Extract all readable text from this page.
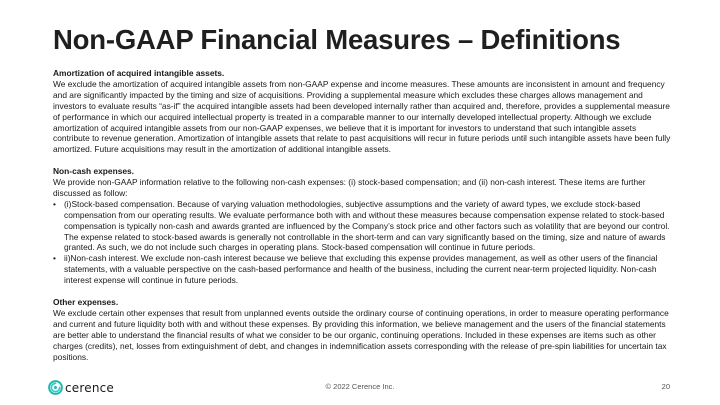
Non-GAAP Financial Measures – Definitions

Amortization of acquired intangible assets.

We exclude the amortization of acquired intangible assets from non-GAAP expense and income measures. These amounts are inconsistent in amount and frequency and are significantly impacted by the timing and size of acquisitions. Providing a supplemental measure which excludes these charges allows management and investors to evaluate results “as-if” the acquired intangible assets had been developed internally rather than acquired and, therefore, provides a supplemental measure of performance in which our acquired intellectual property is treated in a comparable manner to our internally developed intellectual property. Although we exclude amortization of acquired intangible assets from our non-GAAP expenses, we believe that it is important for investors to understand that such intangible assets contribute to revenue generation. Amortization of intangible assets that relate to past acquisitions will recur in future periods until such intangible assets have been fully amortized. Future acquisitions may result in the amortization of additional intangible assets.

Non-cash expenses.

We provide non-GAAP information relative to the following non-cash expenses: (i) stock-based compensation; and (ii) non-cash interest. These items are further discussed as follow:

• (i)Stock-based compensation. Because of varying valuation methodologies, subjective assumptions and the variety of award types, we exclude stock-based compensation from our operating results. We evaluate performance both with and without these measures because compensation expense related to stock-based compensation is typically non-cash and awards granted are influenced by the Company’s stock price and other factors such as volatility that are beyond our control. The expense related to stock-based awards is generally not controllable in the short-term and can vary significantly based on the timing, size and nature of awards granted. As such, we do not include such charges in operating plans. Stock-based compensation will continue in future periods.
• ii)Non-cash interest. We exclude non-cash interest because we believe that excluding this expense provides management, as well as other users of the financial statements, with a valuable perspective on the cash-based performance and health of the business, including the current near-term projected liquidity. Non-cash interest expense will continue in future periods.

Other expenses.

We exclude certain other expenses that result from unplanned events outside the ordinary course of continuing operations, in order to measure operating performance and current and future liquidity both with and without these expenses. By providing this information, we believe management and the users of the financial statements are better able to understand the financial results of what we consider to be our organic, continuing operations. Included in these expenses are items such as other charges (credits), net, losses from extinguishment of debt, and changes in indemnification assets corresponding with the release of pre-spin liabilities for uncertain tax positions.

cerence	© 2022 Cerence Inc.	20
